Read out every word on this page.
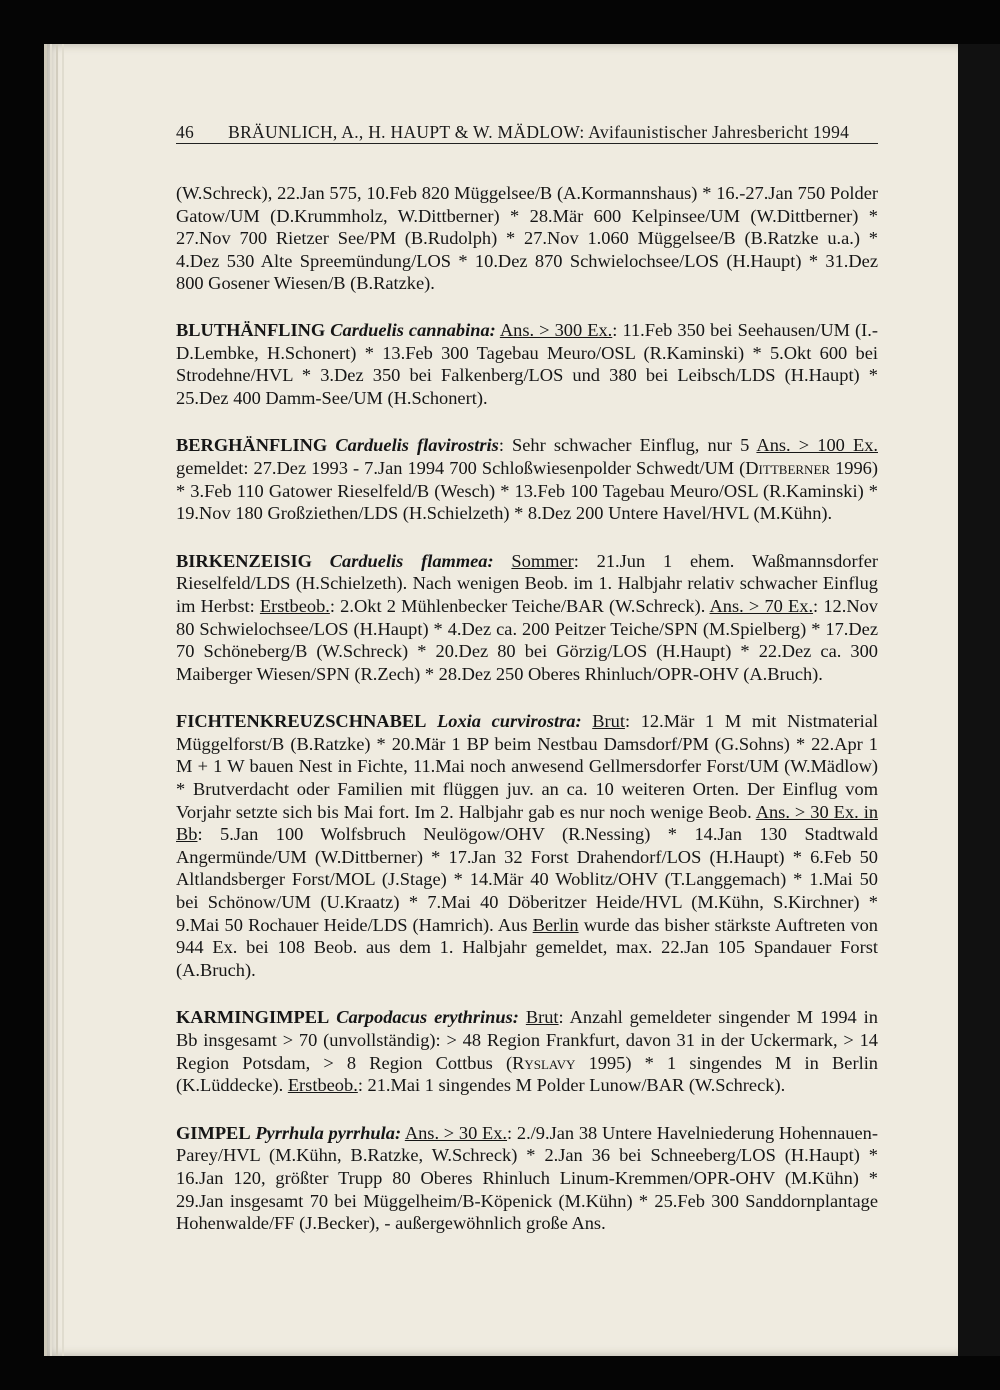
46 BRÄUNLICH, A., H. HAUPT & W. MÄDLOW: Avifaunistischer Jahresbericht 1994

(W.Schreck), 22.Jan 575, 10.Feb 820 Müggelsee/B (A.Kormannshaus) * 16.-27.Jan 750 Polder Gatow/UM (D.Krummholz, W.Dittberner) * 28.Mär 600 Kelpinsee/UM (W.Dittberner) * 27.Nov 700 Rietzer See/PM (B.Rudolph) * 27.Nov 1.060 Müggelsee/B (B.Ratzke u.a.) * 4.Dez 530 Alte Spreemündung/LOS * 10.Dez 870 Schwielochsee/LOS (H.Haupt) * 31.Dez 800 Gosener Wiesen/B (B.Ratzke).

BLUTHÄNFLING Carduelis cannabina: Ans. > 300 Ex.: 11.Feb 350 bei Seehausen/UM (I.-D.Lembke, H.Schonert) * 13.Feb 300 Tagebau Meuro/OSL (R.Kaminski) * 5.Okt 600 bei Strodehne/HVL * 3.Dez 350 bei Falkenberg/LOS und 380 bei Leibsch/LDS (H.Haupt) * 25.Dez 400 Damm-See/UM (H.Schonert).

BERGHÄNFLING Carduelis flavirostris: Sehr schwacher Einflug, nur 5 Ans. > 100 Ex. gemeldet: 27.Dez 1993 - 7.Jan 1994 700 Schloßwiesenpolder Schwedt/UM (Dittberner 1996) * 3.Feb 110 Gatower Rieselfeld/B (Wesch) * 13.Feb 100 Tagebau Meuro/OSL (R.Kaminski) * 19.Nov 180 Großziethen/LDS (H.Schielzeth) * 8.Dez 200 Untere Havel/HVL (M.Kühn).

BIRKENZEISIG Carduelis flammea: Sommer: 21.Jun 1 ehem. Waßmannsdorfer Rieselfeld/LDS (H.Schielzeth). Nach wenigen Beob. im 1. Halbjahr relativ schwacher Einflug im Herbst: Erstbeob.: 2.Okt 2 Mühlenbecker Teiche/BAR (W.Schreck). Ans. > 70 Ex.: 12.Nov 80 Schwielochsee/LOS (H.Haupt) * 4.Dez ca. 200 Peitzer Teiche/SPN (M.Spielberg) * 17.Dez 70 Schöneberg/B (W.Schreck) * 20.Dez 80 bei Görzig/LOS (H.Haupt) * 22.Dez ca. 300 Maiberger Wiesen/SPN (R.Zech) * 28.Dez 250 Oberes Rhinluch/OPR-OHV (A.Bruch).

FICHTENKREUZSCHNABEL Loxia curvirostra: Brut: 12.Mär 1 M mit Nistmaterial Müggelforst/B (B.Ratzke) * 20.Mär 1 BP beim Nestbau Damsdorf/PM (G.Sohns) * 22.Apr 1 M + 1 W bauen Nest in Fichte, 11.Mai noch anwesend Gellmersdorfer Forst/UM (W.Mädlow) * Brutverdacht oder Familien mit flüggen juv. an ca. 10 weiteren Orten. Der Einflug vom Vorjahr setzte sich bis Mai fort. Im 2. Halbjahr gab es nur noch wenige Beob. Ans. > 30 Ex. in Bb: 5.Jan 100 Wolfsbruch Neulögow/OHV (R.Nessing) * 14.Jan 130 Stadtwald Angermünde/UM (W.Dittberner) * 17.Jan 32 Forst Drahendorf/LOS (H.Haupt) * 6.Feb 50 Altlandsberger Forst/MOL (J.Stage) * 14.Mär 40 Woblitz/OHV (T.Langgemach) * 1.Mai 50 bei Schönow/UM (U.Kraatz) * 7.Mai 40 Döberitzer Heide/HVL (M.Kühn, S.Kirchner) * 9.Mai 50 Rochauer Heide/LDS (Hamrich). Aus Berlin wurde das bisher stärkste Auftreten von 944 Ex. bei 108 Beob. aus dem 1. Halbjahr gemeldet, max. 22.Jan 105 Spandauer Forst (A.Bruch).

KARMINGIMPEL Carpodacus erythrinus: Brut: Anzahl gemeldeter singender M 1994 in Bb insgesamt > 70 (unvollständig): > 48 Region Frankfurt, davon 31 in der Uckermark, > 14 Region Potsdam, > 8 Region Cottbus (Ryslavy 1995) * 1 singendes M in Berlin (K.Lüddecke). Erstbeob.: 21.Mai 1 singendes M Polder Lunow/BAR (W.Schreck).

GIMPEL Pyrrhula pyrrhula: Ans. > 30 Ex.: 2./9.Jan 38 Untere Havelniederung Hohennauen-Parey/HVL (M.Kühn, B.Ratzke, W.Schreck) * 2.Jan 36 bei Schneeberg/LOS (H.Haupt) * 16.Jan 120, größter Trupp 80 Oberes Rhinluch Linum-Kremmen/OPR-OHV (M.Kühn) * 29.Jan insgesamt 70 bei Müggelheim/B-Köpenick (M.Kühn) * 25.Feb 300 Sanddornplantage Hohenwalde/FF (J.Becker), - außergewöhnlich große Ans.
